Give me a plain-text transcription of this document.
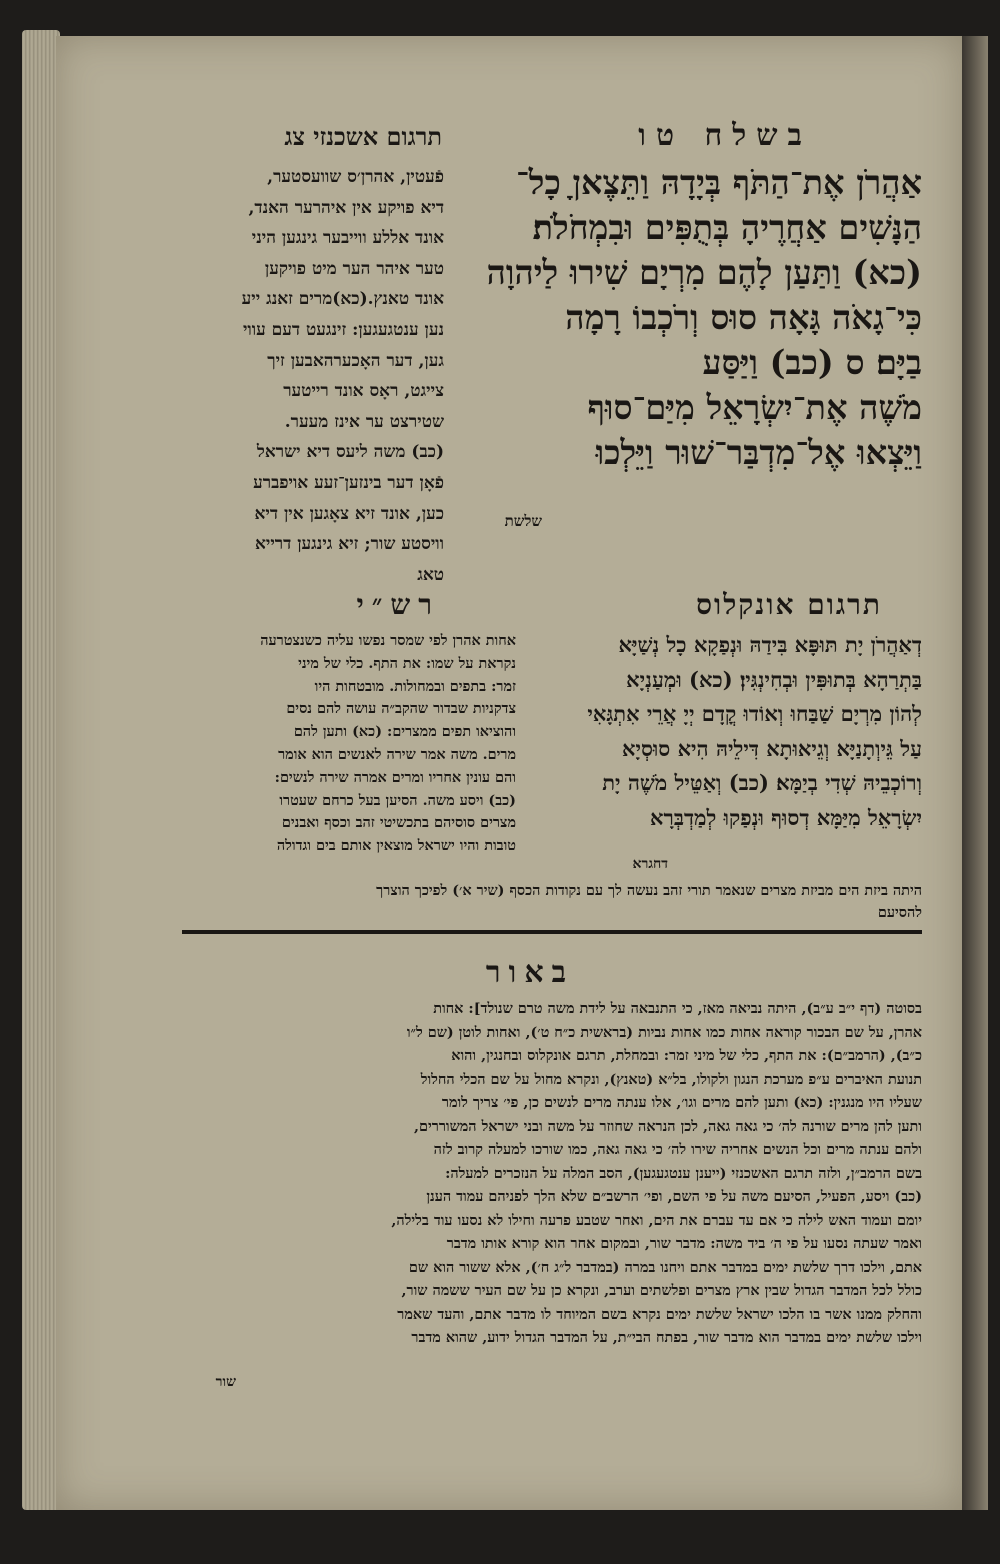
בשלח טו
תרגום אשכנזי צג
אַהֲרֹן אֶת־הַתֹּף בְּיָדָהּ וַתֵּצֶאןָ כָל־
הַנָּשִׁים אַחֲרֶיהָ בְּתֻפִּים וּבִמְחֹלֹת׃
(כא) וַתַּעַן לָהֶם מִרְיָם שִׁירוּ לַיהוָה
כִּי־גָאֹה גָּאָה סוּס וְרֹכְבוֹ רָמָה
בַיָּם׃ ס (כב) וַיַּסַּע
מֹשֶׁה אֶת־יִשְׂרָאֵל מִיַּם־סוּף
וַיֵּצְאוּ אֶל־מִדְבַּר־שׁוּר וַיֵּלְכוּ
שלשת
פֿעטין, אהרן׳ס שוועסטער,
דיא פויקע אין איהרער האנד,
אונד אללע ווייבער גינגען היני
טער איהר הער מיט פויקען
אונד טאנץ.(כא)מרים זאנג ייע
נען ענטגעגען: זינגעט דעם עווי
גען, דער האָכערהאבען זיך
צייגט, ראָס אונד רייטער
שטירצט ער אינז מעער.
(כב) משה ליעס דיא ישראל
פֿאָן דער בינזען־זעע אויפברע
כען, אונד זיא צאָגען אין דיא
וויסטע שור; זיא גינגען דרייא
טאג
תרגום אונקלוס
רש״י
דְאַהֲרֹן יָת תּוּפָּא בִּידַהּ וּנְפַקָא כָל נְשַׁיָּא
בַּתְרַהָא בְּתוּפִּין וּבְחִינְגִּין׃ (כא) וּמְעַנְיָא
לְהוֹן מִרְיָם שַׁבַּחוּ וְאוֹדוּ קֳדָם יְיָ אֲרֵי אִתְגָּאִי
עַל גֵּיוְתָנַיָּא וְגֵיאוּתָא דִּילֵיהּ הִיא סוּסְיָא
וְרוֹכְבֵיהּ שְׁדִי בְיַמָּא׃ (כב) וְאַטֵּיל מֹשֶׁה יָת
יִשְׂרָאֵל מִיַּמָּא דְסוּף וּנְפַקוּ לְמַדְבְּרָא
דחגרא
אחות אהרן לפי שמסר נפשו עליה כשנצטרעה
נקראת על שמו: את התף. כלי של מיני
זמר: בתפים ובמחולות. מובטחות היו
צדקניות שבדור שהקב״ה עושה להם נסים
והוציאו תפים ממצרים: (כא) ותען להם
מרים. משה אמר שירה לאנשים הוא אומר
והם עונין אחריו ומרים אמרה שירה לנשים:
(כב) ויסע משה. הסיען בעל כרחם שעטרו
מצרים סוסיהם בתכשיטי זהב וכסף ואבנים
טובות והיו ישראל מוצאין אותם בים וגדולה
היתה ביזת הים מביזת מצרים שנאמר תורי זהב נעשה לך עם נקודות הכסף (שיר א׳) לפיכך הוצרך
להסיעם
באור
בסוטה (דף י״ב ע״ב), היתה נביאה מאז, כי התנבאה על לידת משה טרם שנולד]: אחות
אהרן, על שם הבכור קוראה אחות כמו אחות נביות (בראשית כ״ח ט׳), ואחות לוטן (שם ל״ו
כ״ב), (הרמב״ם): את התף, כלי של מיני זמר: ובמחלת, תרגם אונקלוס ובחנגין, והוא
תנועת האיברים ע״פ מערכת הנגון ולקולו, בל״א (טאנץ), ונקרא מחול על שם הכלי החלול
שעליו היו מנגנין: (כא) ותען להם מרים וגו׳, אלו ענתה מרים לנשים כן, פי׳ צריך לומר
ותען להן מרים שורנה לה׳ כי גאה גאה, לכן הנראה שחוזר על משה ובני ישראל המשוררים,
ולהם ענתה מרים וכל הנשים אחריה שירו לה׳ כי גאה גאה, כמו שורכו למעלה קרוב לזה
בשם הרמב״ן, ולזה תרגם האשכנזי (ייענן ענטגעגען), הסב המלה על הנזכרים למעלה:
(כב) ויסע, הפעיל, הסיעם משה על פי השם, ופי׳ הרשב״ם שלא הלך לפניהם עמוד הענן
יומם ועמוד האש לילה כי אם עד עברם את הים, ואחר שטבע פרעה וחילו לא נסעו עוד בלילה,
ואמר שעתה נסעו על פי ה׳ ביד משה: מדבר שור, ובמקום אחר הוא קורא אותו מדבר
אתם, וילכו דרך שלשת ימים במדבר אתם ויחנו במרה (במדבר ל״ג ח׳), אלא ששור הוא שם
כולל לכל המדבר הגדול שבין ארץ מצרים ופלשתים וערב, ונקרא כן על שם העיר ששמה שור,
והחלק ממנו אשר בו הלכו ישראל שלשת ימים נקרא בשם המיוחד לו מדבר אתם, והעד שאמר
וילכו שלשת ימים במדבר הוא מדבר שור, בפתח הבי״ת, על המדבר הגדול ידוע, שהוא מדבר
שור
